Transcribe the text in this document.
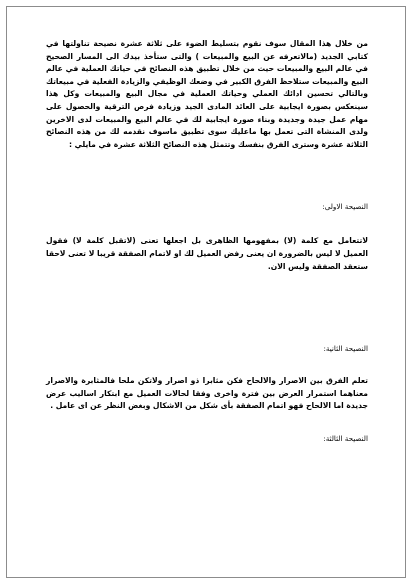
من خلال هذا المقال سوف نقوم بتسليط الضوء على ثلاثة عشرة نصيحة تناولتها في كتابي الجديد (مالاتعرفه عن البيع والمبيعات ) والتى ستأخذ بيدك الى المسار الصحيح في عالم البيع والمبيعات حيث من خلال تطبيق هذه النصائح في حياتك العملية في عالم البيع والمبيعات ستلاحظ الفرق الكبير في وضعك الوظيفي والزيادة الفعلية في مبيعاتك وبالتالي تحسين ادائك العملي وحياتك العملية في مجال البيع والمبيعات وكل هذا سينعكس بصورة ايجابية على العائد المادى الجيد وزيادة فرص الترقية والحصول على مهام عمل جيدة وجديدة وبناء صورة ايجابية لك في عالم البيع والمبيعات لدى الاخرين ولدى المنشاة التى تعمل بها ماعليك سوى تطبيق ماسوف نقدمه لك من هذه النصائح الثلاثة عشرة وسترى الفرق بنفسك وتتمثل هذه النصائح الثلاثة عشرة في مايلي :

النصيحة الاولى:

لاتتعامل مع كلمة (لا) بمفهومها الظاهرى بل اجعلها تعنى (لاتقبل كلمة لا) فقول العميل لا ليس بالضرورة ان يعنى رفض العميل لك او لاتمام الصفقة قريبا لا تعنى لاحقا ستعقد الصفقة وليس الان.

النصيحة الثانية:

تعلم الفرق بين الاصرار والالحاح فكن مثابرا ذو اصرار ولاتكن ملحا فالمثابرة والاصرار معناهما استمرار العرض بين فترة واخرى وفقا لحالات العميل مع ابتكار اساليب عرض جديدة اما الالحاح فهو اتمام الصفقة بأى شكل من الاشكال وبغض النظر عن اى عامل .

النصيحة الثالثة:
